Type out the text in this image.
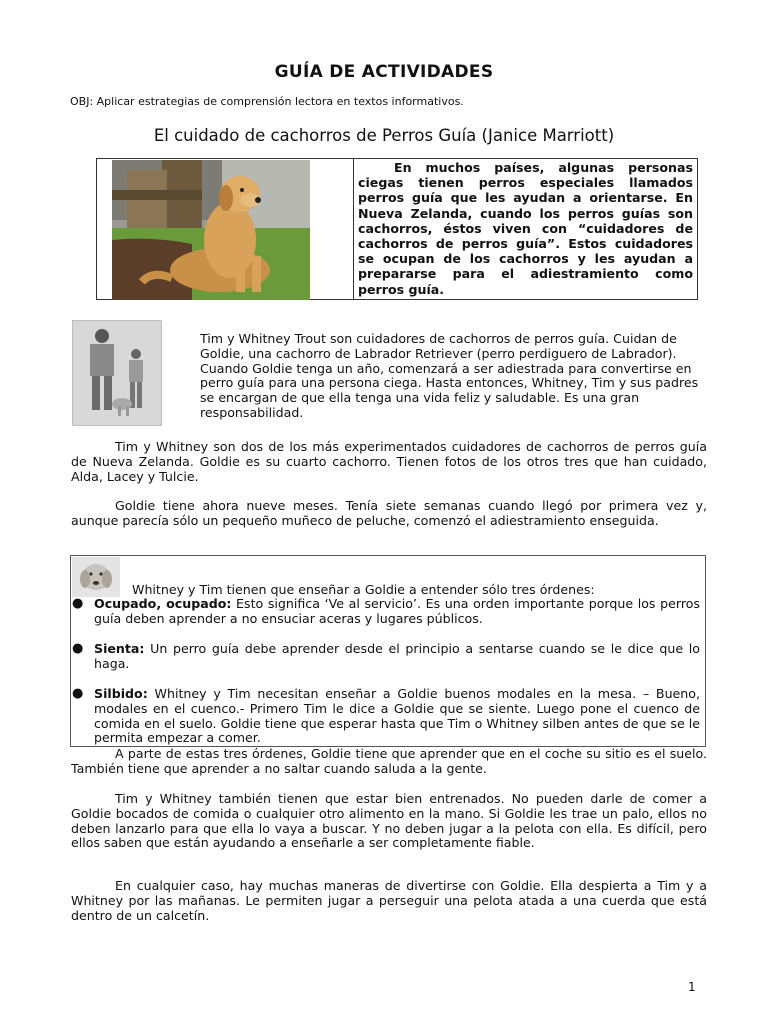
GUÍA DE ACTIVIDADES
OBJ: Aplicar estrategias de comprensión lectora en textos informativos.
El cuidado de cachorros de Perros Guía (Janice Marriott)
En muchos países, algunas personas ciegas tienen perros especiales llamados perros guía que les ayudan a orientarse. En Nueva Zelanda, cuando los perros guías son cachorros, éstos viven con “cuidadores de cachorros de perros guía”. Estos cuidadores se ocupan de los cachorros y les ayudan a prepararse para el adiestramiento como perros guía.
Tim y Whitney Trout son cuidadores de cachorros de perros guía. Cuidan de Goldie, una cachorro de Labrador Retriever (perro perdiguero de Labrador). Cuando Goldie tenga un año, comenzará a ser adiestrada para convertirse en perro guía para una persona ciega. Hasta entonces, Whitney, Tim y sus padres se encargan de que ella tenga una vida feliz y saludable. Es una gran responsabilidad.
Tim y Whitney son dos de los más experimentados cuidadores de cachorros de perros guía de Nueva Zelanda. Goldie es su cuarto cachorro. Tienen fotos de los otros tres que han cuidado, Alda, Lacey y Tulcie.
Goldie tiene ahora nueve meses. Tenía siete semanas cuando llegó por primera vez y, aunque parecía sólo un pequeño muñeco de peluche, comenzó el adiestramiento enseguida.
Whitney y Tim tienen que enseñar a Goldie a entender sólo tres órdenes:
● Ocupado, ocupado: Esto significa ‘Ve al servicio’. Es una orden importante porque los perros guía deben aprender a no ensuciar aceras y lugares públicos.
● Sienta: Un perro guía debe aprender desde el principio a sentarse cuando se le dice que lo haga.
● Silbido: Whitney y Tim necesitan enseñar a Goldie buenos modales en la mesa. – Bueno, modales en el cuenco.- Primero Tim le dice a Goldie que se siente. Luego pone el cuenco de comida en el suelo. Goldie tiene que esperar hasta que Tim o Whitney silben antes de que se le permita empezar a comer.
A parte de estas tres órdenes, Goldie tiene que aprender que en el coche su sitio es el suelo. También tiene que aprender a no saltar cuando saluda a la gente.
Tim y Whitney también tienen que estar bien entrenados. No pueden darle de comer a Goldie bocados de comida o cualquier otro alimento en la mano. Si Goldie les trae un palo, ellos no deben lanzarlo para que ella lo vaya a buscar. Y no deben jugar a la pelota con ella. Es difícil, pero ellos saben que están ayudando a enseñarle a ser completamente fiable.
En cualquier caso, hay muchas maneras de divertirse con Goldie. Ella despierta a Tim y a Whitney por las mañanas. Le permiten jugar a perseguir una pelota atada a una cuerda que está dentro de un calcetín.
1
